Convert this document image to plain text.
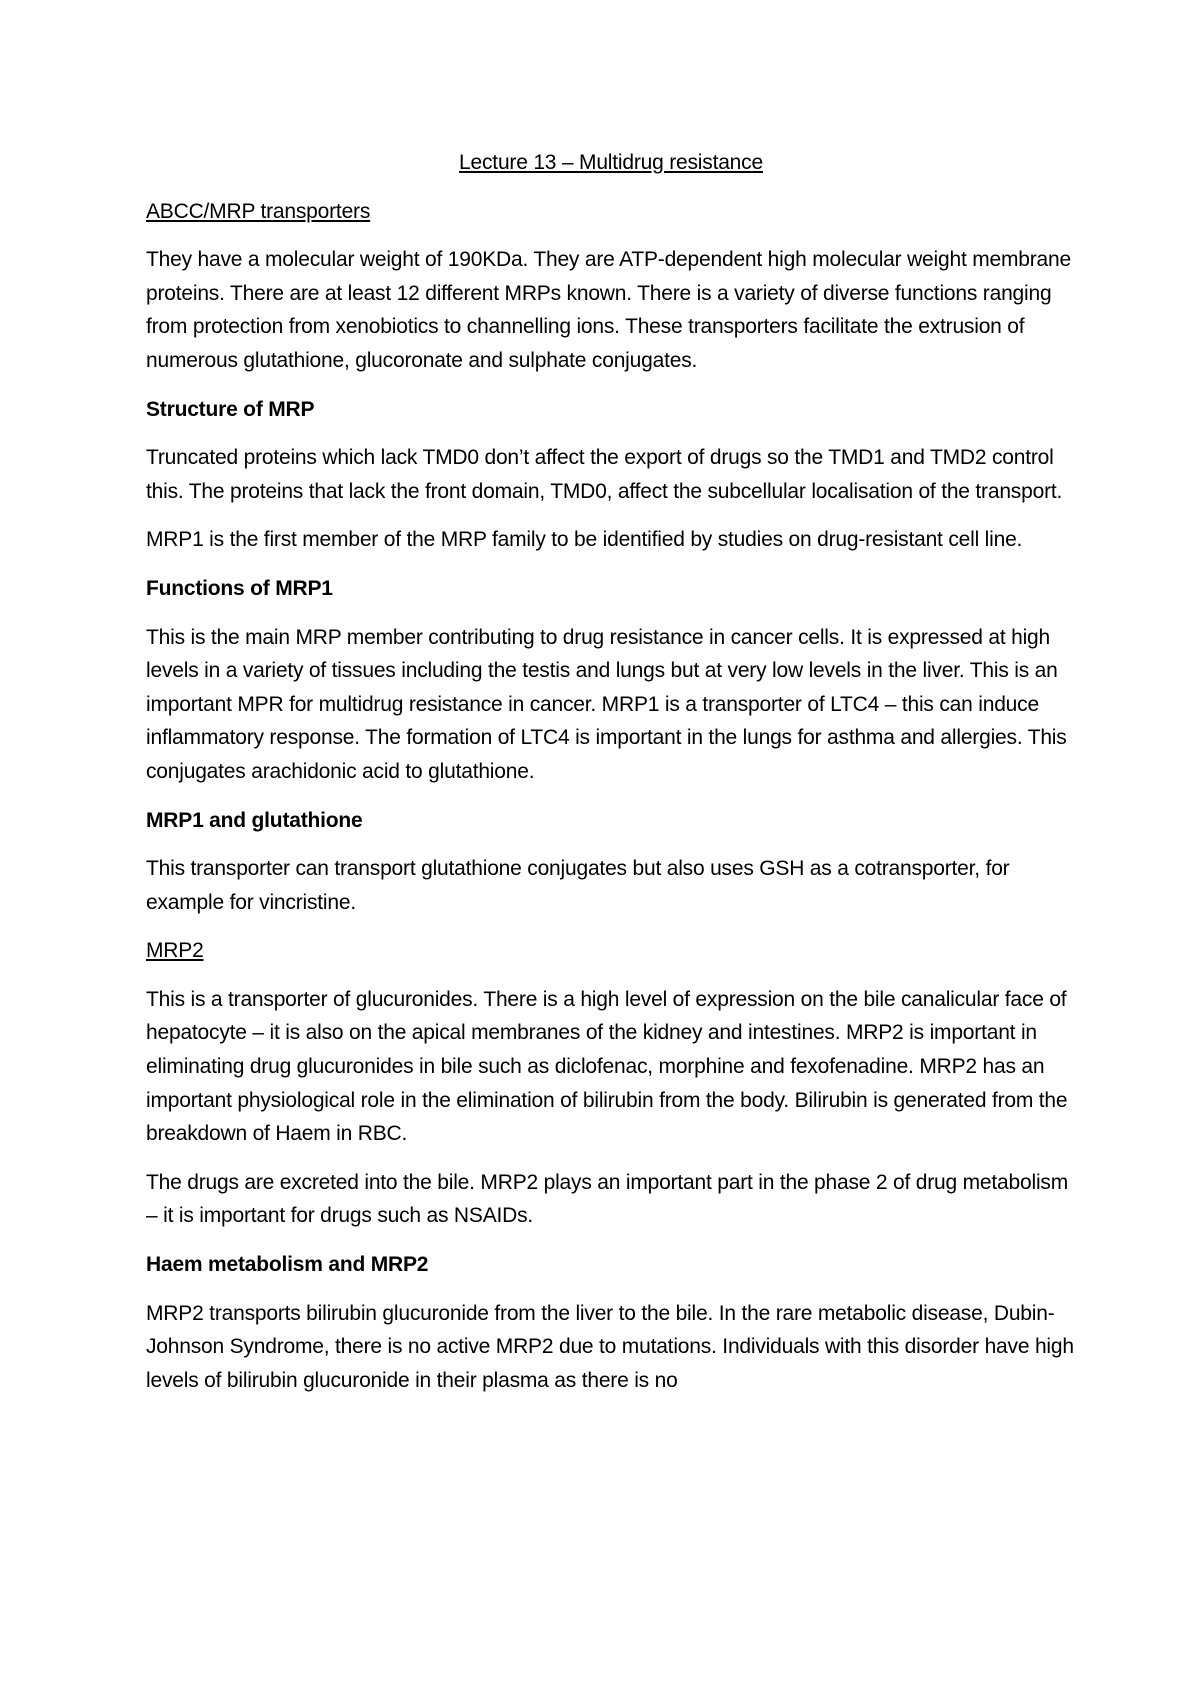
Lecture 13 – Multidrug resistance
ABCC/MRP transporters

They have a molecular weight of 190KDa. They are ATP-dependent high molecular weight membrane proteins. There are at least 12 different MRPs known. There is a variety of diverse functions ranging from protection from xenobiotics to channelling ions. These transporters facilitate the extrusion of numerous glutathione, glucoronate and sulphate conjugates.

Structure of MRP

Truncated proteins which lack TMD0 don’t affect the export of drugs so the TMD1 and TMD2 control this. The proteins that lack the front domain, TMD0, affect the subcellular localisation of the transport.

MRP1 is the first member of the MRP family to be identified by studies on drug-resistant cell line.

Functions of MRP1

This is the main MRP member contributing to drug resistance in cancer cells. It is expressed at high levels in a variety of tissues including the testis and lungs but at very low levels in the liver. This is an important MPR for multidrug resistance in cancer. MRP1 is a transporter of LTC4 – this can induce inflammatory response. The formation of LTC4 is important in the lungs for asthma and allergies. This conjugates arachidonic acid to glutathione.

MRP1 and glutathione

This transporter can transport glutathione conjugates but also uses GSH as a cotransporter, for example for vincristine.

MRP2

This is a transporter of glucuronides. There is a high level of expression on the bile canalicular face of hepatocyte – it is also on the apical membranes of the kidney and intestines. MRP2 is important in eliminating drug glucuronides in bile such as diclofenac, morphine and fexofenadine. MRP2 has an important physiological role in the elimination of bilirubin from the body. Bilirubin is generated from the breakdown of Haem in RBC.

The drugs are excreted into the bile. MRP2 plays an important part in the phase 2 of drug metabolism – it is important for drugs such as NSAIDs.

Haem metabolism and MRP2

MRP2 transports bilirubin glucuronide from the liver to the bile. In the rare metabolic disease, Dubin-Johnson Syndrome, there is no active MRP2 due to mutations. Individuals with this disorder have high levels of bilirubin glucuronide in their plasma as there is no
